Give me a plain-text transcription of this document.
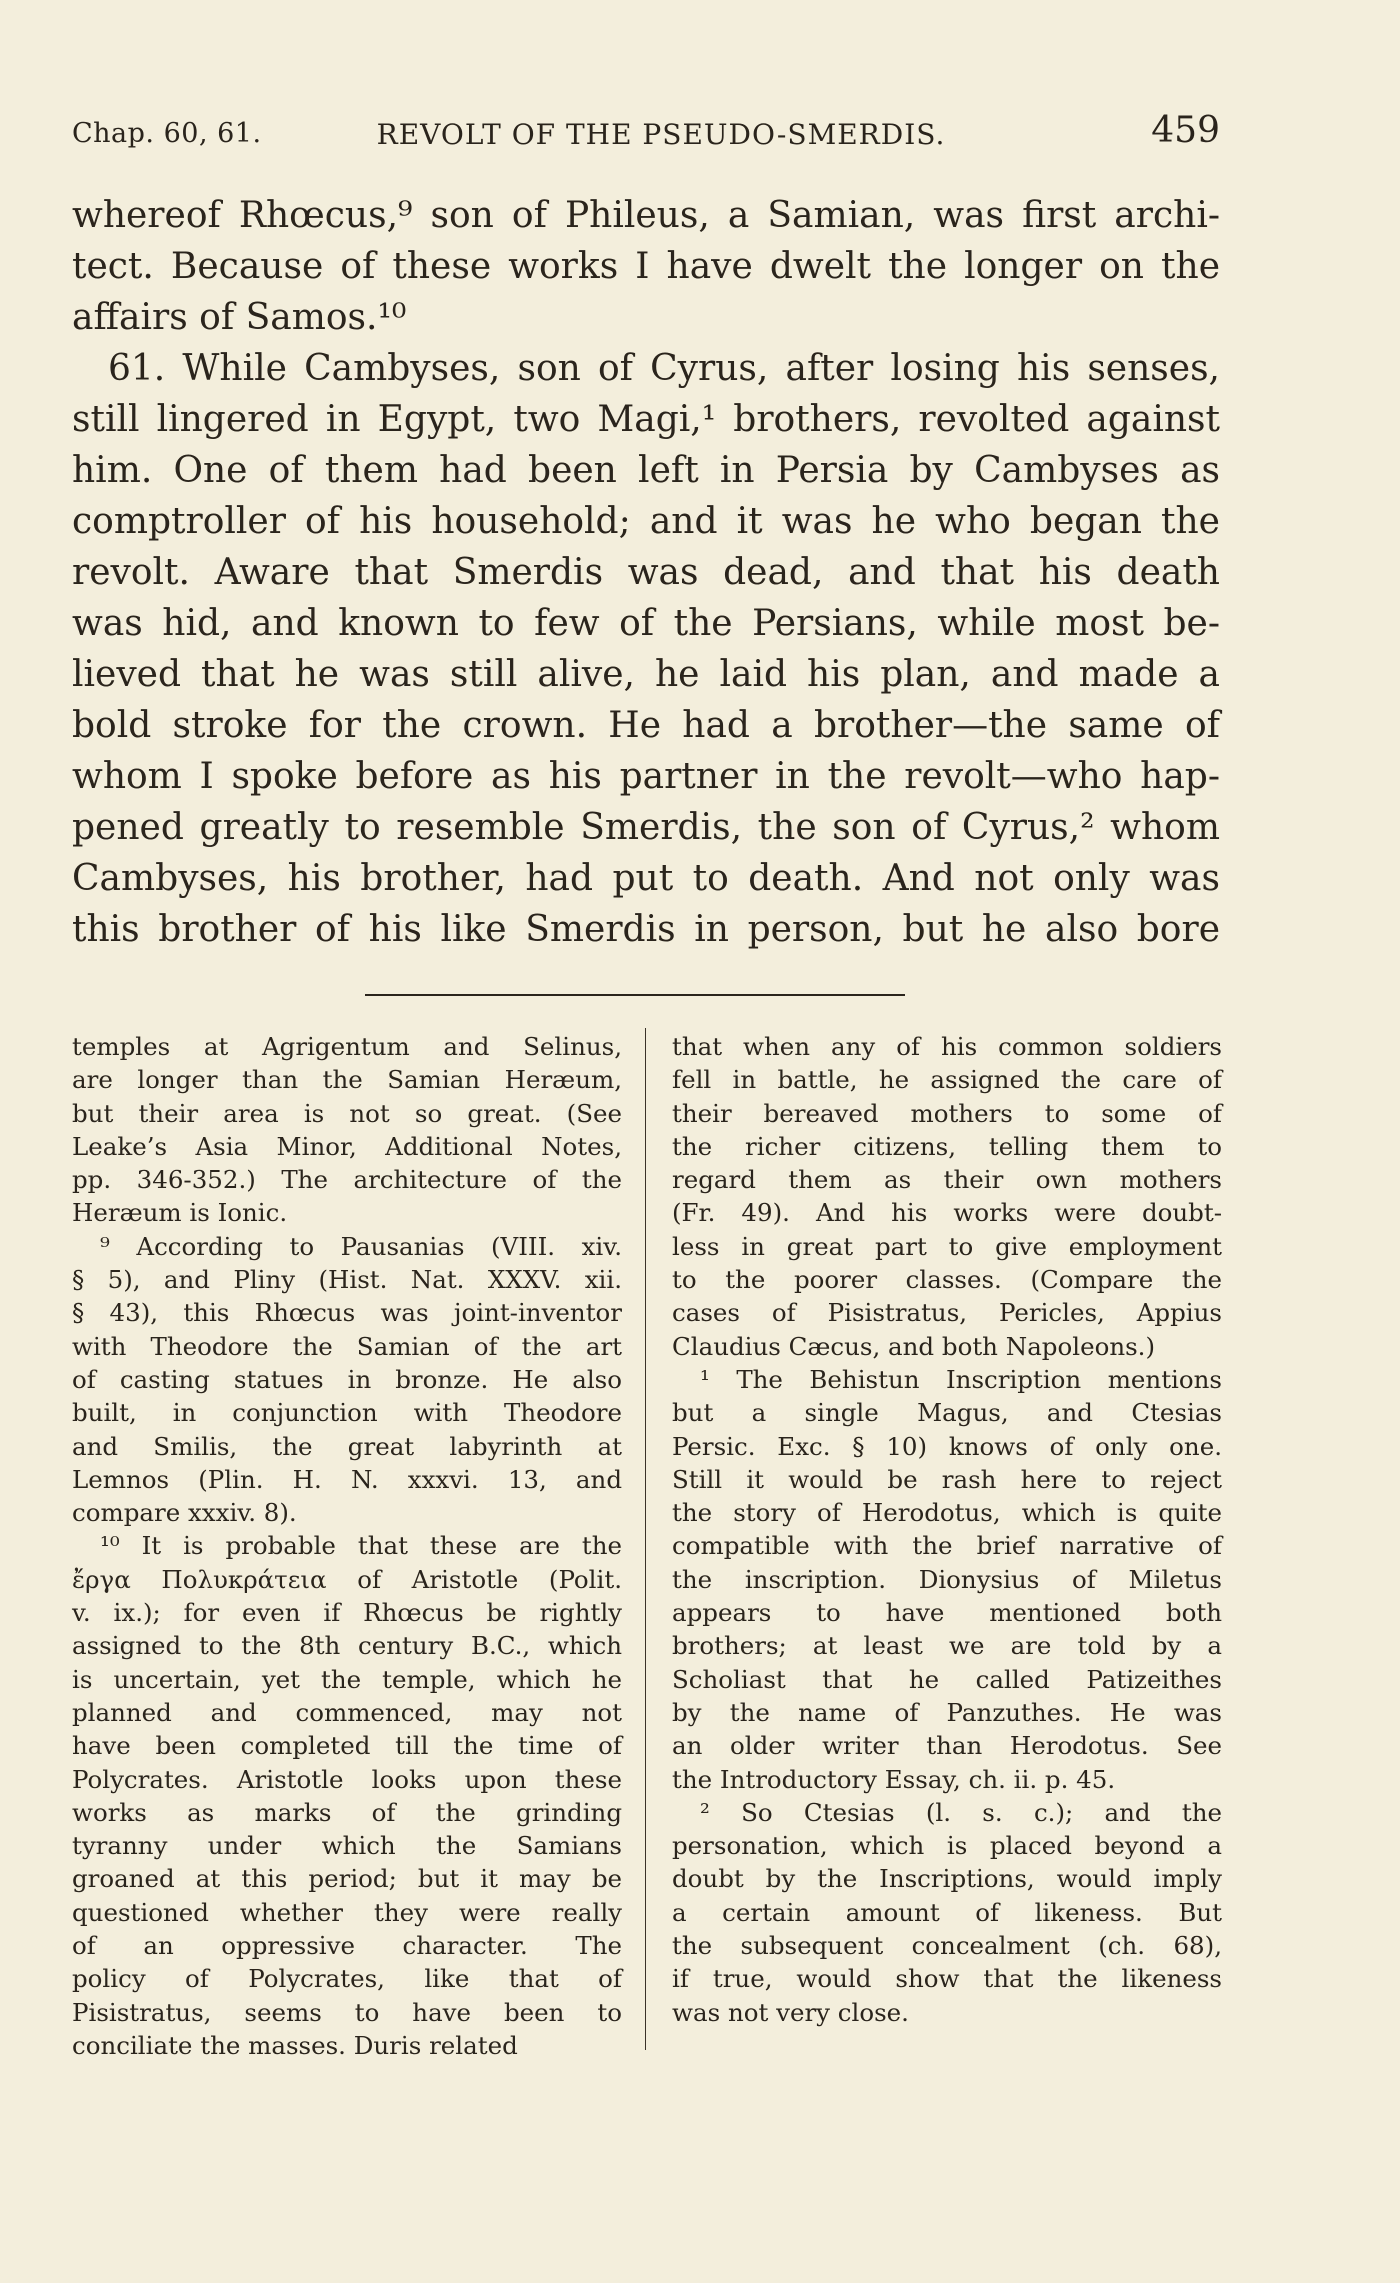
Chap. 60, 61.	REVOLT OF THE PSEUDO-SMERDIS.	459
whereof Rhœcus,⁹ son of Phileus, a Samian, was first archi-
tect. Because of these works I have dwelt the longer on the
affairs of Samos.¹⁰
61. While Cambyses, son of Cyrus, after losing his senses,
still lingered in Egypt, two Magi,¹ brothers, revolted against
him. One of them had been left in Persia by Cambyses as
comptroller of his household; and it was he who began the
revolt. Aware that Smerdis was dead, and that his death
was hid, and known to few of the Persians, while most be-
lieved that he was still alive, he laid his plan, and made a
bold stroke for the crown. He had a brother—the same of
whom I spoke before as his partner in the revolt—who hap-
pened greatly to resemble Smerdis, the son of Cyrus,² whom
Cambyses, his brother, had put to death. And not only was
this brother of his like Smerdis in person, but he also bore
temples at Agrigentum and Selinus,
are longer than the Samian Heræum,
but their area is not so great. (See
Leake’s Asia Minor, Additional Notes,
pp. 346-352.) The architecture of the
Heræum is Ionic.
⁹ According to Pausanias (VIII. xiv.
§ 5), and Pliny (Hist. Nat. XXXV. xii.
§ 43), this Rhœcus was joint-inventor
with Theodore the Samian of the art
of casting statues in bronze. He also
built, in conjunction with Theodore
and Smilis, the great labyrinth at
Lemnos (Plin. H. N. xxxvi. 13, and
compare xxxiv. 8).
¹⁰ It is probable that these are the
ἔργα Πολυκράτεια of Aristotle (Polit.
v. ix.); for even if Rhœcus be rightly
assigned to the 8th century B.C., which
is uncertain, yet the temple, which he
planned and commenced, may not
have been completed till the time of
Polycrates. Aristotle looks upon these
works as marks of the grinding
tyranny under which the Samians
groaned at this period; but it may be
questioned whether they were really
of an oppressive character. The
policy of Polycrates, like that of
Pisistratus, seems to have been to
conciliate the masses. Duris related
that when any of his common soldiers
fell in battle, he assigned the care of
their bereaved mothers to some of
the richer citizens, telling them to
regard them as their own mothers
(Fr. 49). And his works were doubt-
less in great part to give employment
to the poorer classes. (Compare the
cases of Pisistratus, Pericles, Appius
Claudius Cæcus, and both Napoleons.)
¹ The Behistun Inscription mentions
but a single Magus, and Ctesias
Persic. Exc. § 10) knows of only one.
Still it would be rash here to reject
the story of Herodotus, which is quite
compatible with the brief narrative of
the inscription. Dionysius of Miletus
appears to have mentioned both
brothers; at least we are told by a
Scholiast that he called Patizeithes
by the name of Panzuthes. He was
an older writer than Herodotus. See
the Introductory Essay, ch. ii. p. 45.
² So Ctesias (l. s. c.); and the
personation, which is placed beyond a
doubt by the Inscriptions, would imply
a certain amount of likeness. But
the subsequent concealment (ch. 68),
if true, would show that the likeness
was not very close.
